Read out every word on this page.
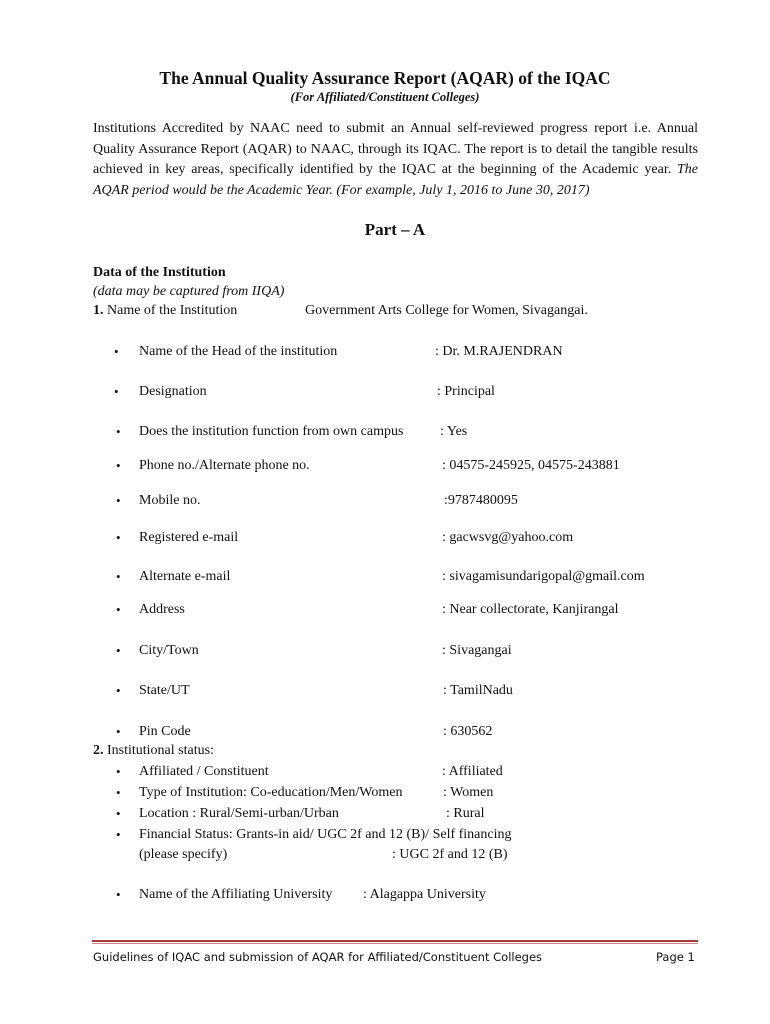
The Annual Quality Assurance Report (AQAR) of the IQAC
(For Affiliated/Constituent Colleges)
Institutions Accredited by NAAC need to submit an Annual self-reviewed progress report i.e. Annual Quality Assurance Report (AQAR) to NAAC, through its IQAC. The report is to detail the tangible results achieved in key areas, specifically identified by the IQAC at the beginning of the Academic year. The AQAR period would be the Academic Year. (For example, July 1, 2016 to June 30, 2017)
Part – A
Data of the Institution
(data may be captured from IIQA)
1. Name of the Institution	Government Arts College for Women, Sivagangai.
• Name of the Head of the institution	: Dr. M.RAJENDRAN
• Designation	: Principal
• Does the institution function from own campus	: Yes
• Phone no./Alternate phone no.	: 04575-245925, 04575-243881
• Mobile no.	:9787480095
• Registered e-mail	: gacwsvg@yahoo.com
• Alternate e-mail	: sivagamisundarigopal@gmail.com
• Address	: Near collectorate, Kanjirangal
• City/Town	: Sivagangai
• State/UT	: TamilNadu
• Pin Code	: 630562
2. Institutional status:
• Affiliated / Constituent	: Affiliated
• Type of Institution: Co-education/Men/Women	: Women
• Location : Rural/Semi-urban/Urban	: Rural
• Financial Status: Grants-in aid/ UGC 2f and 12 (B)/ Self financing
(please specify)	: UGC 2f and 12 (B)
• Name of the Affiliating University : Alagappa University
Guidelines of IQAC and submission of AQAR for Affiliated/Constituent Colleges	Page 1
